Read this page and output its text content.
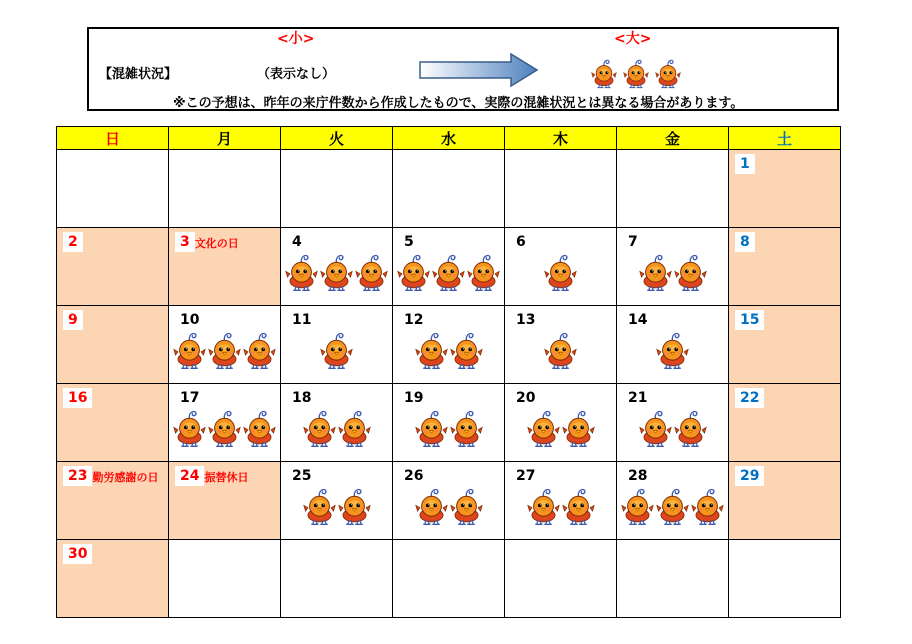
<小>	<大>
【混雑状況】	（表示なし）
※この予想は、昨年の来庁件数から作成したもので、実際の混雑状況とは異なる場合があります。
日	月	火	水	木	金	土
						1
2	3 文化の日	4	5	6	7	8
9	10	11	12	13	14	15
16	17	18	19	20	21	22
23 勤労感謝の日	24 振替休日	25	26	27	28	29
30						
